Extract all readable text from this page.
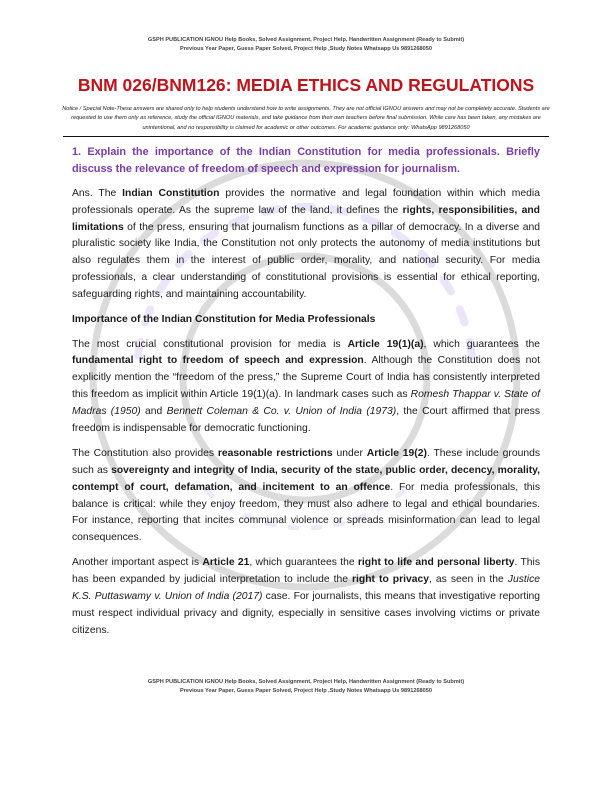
GSPH PUBLICATION IGNOU Help Books, Solved Assignment, Project Help, Handwritten Assignment (Ready to Submit)
Previous Year Paper, Guess Paper Solved, Project Help ,Study Notes Whatsapp Us 9891268050
BNM 026/BNM126: MEDIA ETHICS AND REGULATIONS
Notice / Special Note-These answers are shared only to help students understand how to write assignments. They are not official IGNOU answers and may not be completely accurate. Students are requested to use them only as reference, study the official IGNOU materials, and take guidance from their own teachers before final submission. While care has been taken, any mistakes are unintentional, and no responsibility is claimed for academic or other outcomes. For academic guidance only: WhatsApp 9891268050
1. Explain the importance of the Indian Constitution for media professionals. Briefly discuss the relevance of freedom of speech and expression for journalism.

Ans. The Indian Constitution provides the normative and legal foundation within which media professionals operate. As the supreme law of the land, it defines the rights, responsibilities, and limitations of the press, ensuring that journalism functions as a pillar of democracy. In a diverse and pluralistic society like India, the Constitution not only protects the autonomy of media institutions but also regulates them in the interest of public order, morality, and national security. For media professionals, a clear understanding of constitutional provisions is essential for ethical reporting, safeguarding rights, and maintaining accountability.

Importance of the Indian Constitution for Media Professionals

The most crucial constitutional provision for media is Article 19(1)(a), which guarantees the fundamental right to freedom of speech and expression. Although the Constitution does not explicitly mention the “freedom of the press,” the Supreme Court of India has consistently interpreted this freedom as implicit within Article 19(1)(a). In landmark cases such as Romesh Thappar v. State of Madras (1950) and Bennett Coleman & Co. v. Union of India (1973), the Court affirmed that press freedom is indispensable for democratic functioning.

The Constitution also provides reasonable restrictions under Article 19(2). These include grounds such as sovereignty and integrity of India, security of the state, public order, decency, morality, contempt of court, defamation, and incitement to an offence. For media professionals, this balance is critical: while they enjoy freedom, they must also adhere to legal and ethical boundaries. For instance, reporting that incites communal violence or spreads misinformation can lead to legal consequences.

Another important aspect is Article 21, which guarantees the right to life and personal liberty. This has been expanded by judicial interpretation to include the right to privacy, as seen in the Justice K.S. Puttaswamy v. Union of India (2017) case. For journalists, this means that investigative reporting must respect individual privacy and dignity, especially in sensitive cases involving victims or private citizens.

GSPH PUBLICATION IGNOU Help Books, Solved Assignment, Project Help, Handwritten Assignment (Ready to Submit)
Previous Year Paper, Guess Paper Solved, Project Help ,Study Notes Whatsapp Us 9891268050
